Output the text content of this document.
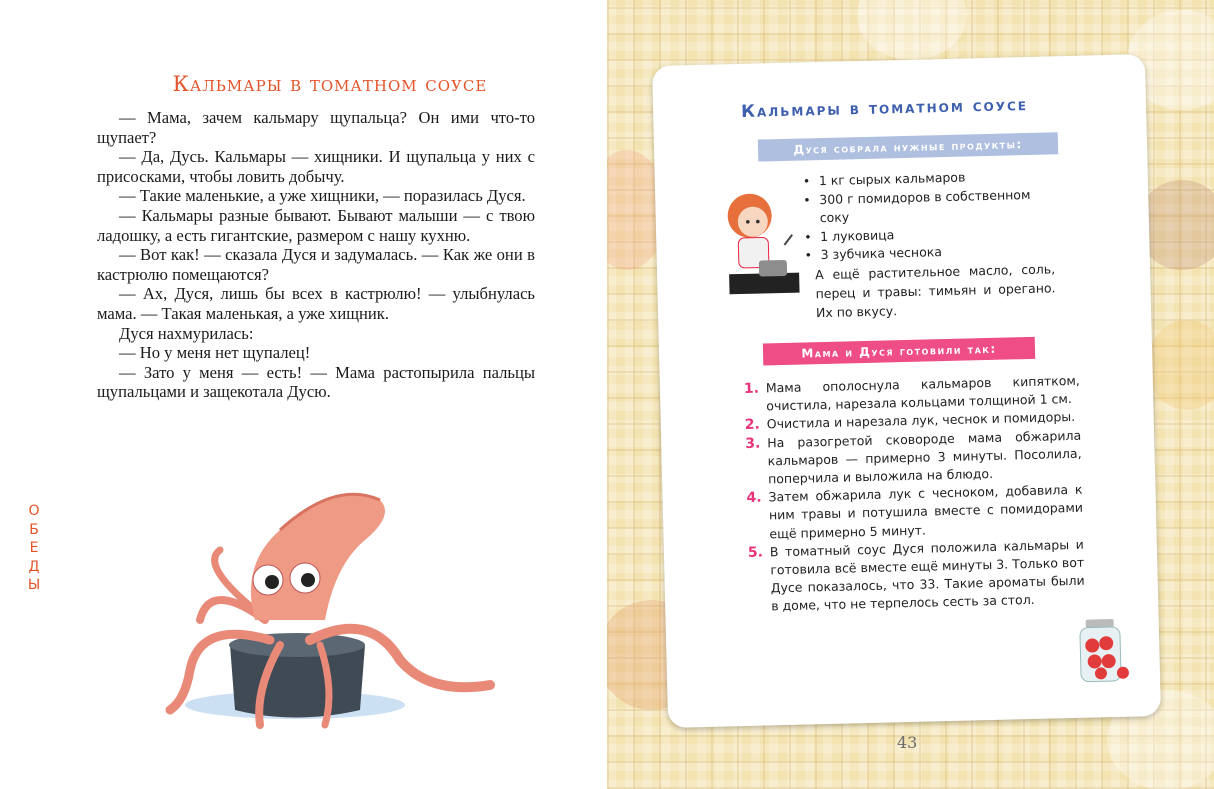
Кальмары в томатном соусе

— Мама, зачем кальмару щупальца? Он ими что-то щупает?

— Да, Дусь. Кальмары — хищники. И щупальца у них с присосками, чтобы ловить добычу.

— Такие маленькие, а уже хищники, — поразилась Дуся.

— Кальмары разные бывают. Бывают малыши — с твою ладошку, а есть гигантские, размером с нашу кухню.

— Вот как! — сказала Дуся и задумалась. — Как же они в кастрюлю помещаются?

— Ах, Дуся, лишь бы всех в кастрюлю! — улыбнулась мама. — Такая маленькая, а уже хищник.

Дуся нахмурилась:

— Но у меня нет щупалец!

— Зато у меня — есть! — Мама растопырила пальцы щупальцами и защекотала Дусю.

О
Б
Е
Д
Ы
Кальмары в томатном соусе
Дуся собрала нужные продукты:
• 1 кг сырых кальмаров
• 300 г помидоров в собственном соку
• 1 луковица
• 3 зубчика чеснока

А ещё растительное масло, соль, перец и травы: тимьян и орегано. Их по вкусу.

Мама и Дуся готовили так:
1. Мама ополоснула кальмаров кипятком, очистила, нарезала кольцами толщиной 1 см.
2. Очистила и нарезала лук, чеснок и помидоры.
3. На разогретой сковороде мама обжарила кальмаров — примерно 3 минуты. Посолила, поперчила и выложила на блюдо.
4. Затем обжарила лук с чесноком, добавила к ним травы и потушила вместе с помидорами ещё примерно 5 минут.
5. В томатный соус Дуся положила кальмары и готовила всё вместе ещё минуты 3. Только вот Дусе показалось, что 33. Такие ароматы были в доме, что не терпелось сесть за стол.
43
